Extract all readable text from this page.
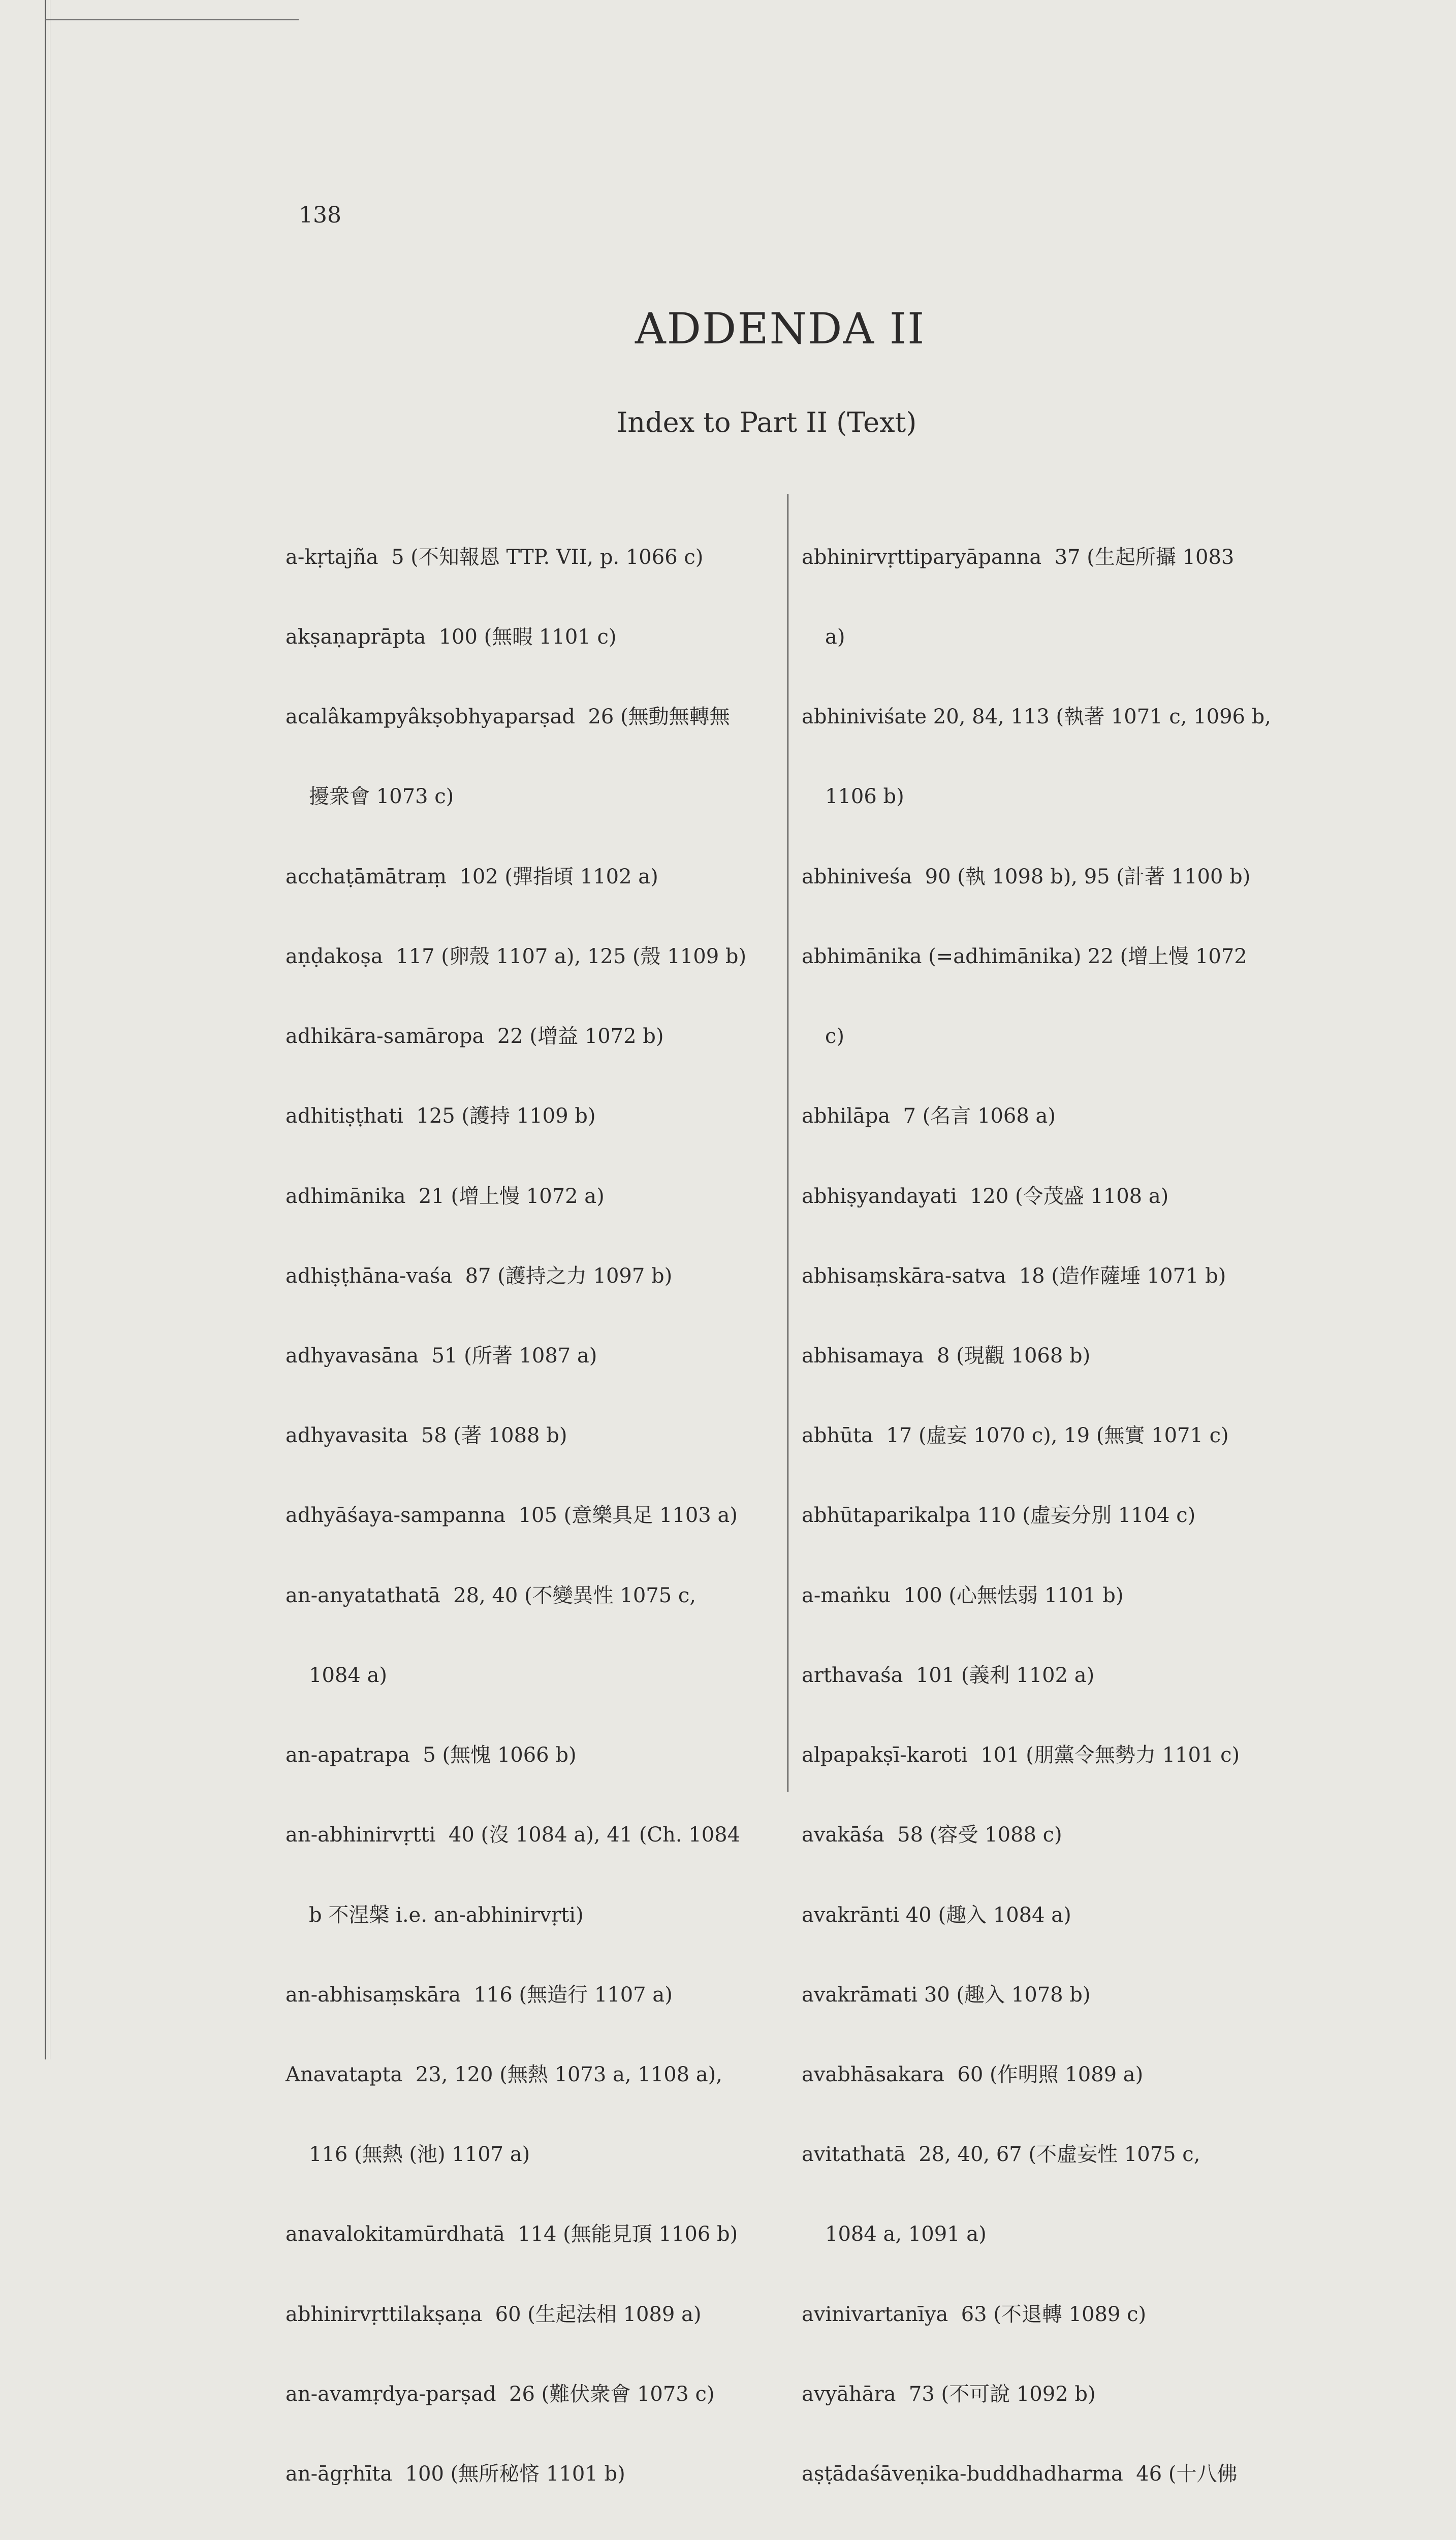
138
ADDENDA II
Index to Part II (Text)

a-kṛtajña  5 (不知報恩 TTP. VII, p. 1066 c)

akṣaṇaprāpta  100 (無暇 1101 c)

acalâkampyâkṣobhyaparṣad  26 (無動無轉無

擾衆會 1073 c)

acchaṭāmātraṃ  102 (彈指頃 1102 a)

aṇḍakoṣa  117 (卵殼 1107 a), 125 (殼 1109 b)

adhikāra-samāropa  22 (增益 1072 b)

adhitiṣṭhati  125 (護持 1109 b)

adhimānika  21 (增上慢 1072 a)

adhiṣṭhāna-vaśa  87 (護持之力 1097 b)

adhyavasāna  51 (所著 1087 a)

adhyavasita  58 (著 1088 b)

adhyāśaya-sampanna  105 (意樂具足 1103 a)

an-anyatathatā  28, 40 (不變異性 1075 c,

1084 a)

an-apatrapa  5 (無愧 1066 b)

an-abhinirvṛtti  40 (沒 1084 a), 41 (Ch. 1084

b 不涅槃 i.e. an-abhinirvṛti)

an-abhisaṃskāra  116 (無造行 1107 a)

Anavatapta  23, 120 (無熱 1073 a, 1108 a),

116 (無熱 (池) 1107 a)

anavalokitamūrdhatā  114 (無能見頂 1106 b)

abhinirvṛttilakṣaṇa  60 (生起法相 1089 a)

an-avamṛdya-parṣad  26 (難伏衆會 1073 c)

an-āgṛhīta  100 (無所秘悋 1101 b)

abhinirvṛttiparyāpanna  37 (生起所攝 1083

a)

abhiniviśate 20, 84, 113 (執著 1071 c, 1096 b,

1106 b)

abhiniveśa  90 (執 1098 b), 95 (計著 1100 b)

abhimānika (=adhimānika) 22 (增上慢 1072

c)

abhilāpa  7 (名言 1068 a)

abhiṣyandayati  120 (令茂盛 1108 a)

abhisaṃskāra-satva  18 (造作薩埵 1071 b)

abhisamaya  8 (現觀 1068 b)

abhūta  17 (虛妄 1070 c), 19 (無實 1071 c)

abhūtaparikalpa 110 (虛妄分別 1104 c)

a-maṅku  100 (心無怯弱 1101 b)

arthavaśa  101 (義利 1102 a)

alpapakṣī-karoti  101 (朋黨令無勢力 1101 c)

avakāśa  58 (容受 1088 c)

avakrānti 40 (趣入 1084 a)

avakrāmati 30 (趣入 1078 b)

avabhāsakara  60 (作明照 1089 a)

avitathatā  28, 40, 67 (不虛妄性 1075 c,

1084 a, 1091 a)

avinivartanīya  63 (不退轉 1089 c)

avyāhāra  73 (不可說 1092 b)

aṣṭādaśāveṇika-buddhadharma  46 (十八佛
